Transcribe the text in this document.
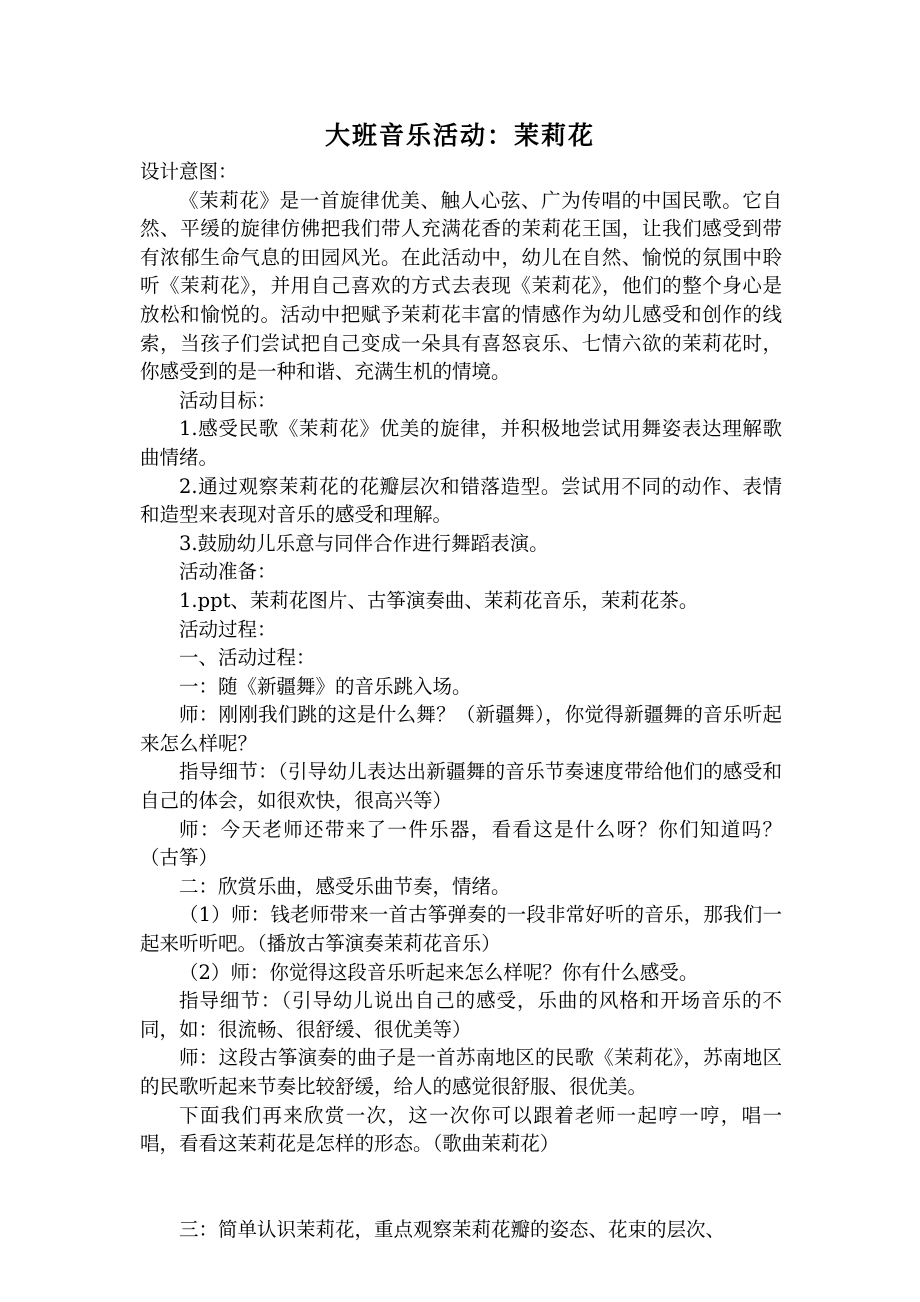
大班音乐活动：茉莉花

设计意图：

《茉莉花》是一首旋律优美、触人心弦、广为传唱的中国民歌。它自然、平缓的旋律仿佛把我们带人充满花香的茉莉花王国，让我们感受到带有浓郁生命气息的田园风光。在此活动中，幼儿在自然、愉悦的氛围中聆听《茉莉花》，并用自己喜欢的方式去表现《茉莉花》，他们的整个身心是放松和愉悦的。活动中把赋予茉莉花丰富的情感作为幼儿感受和创作的线索，当孩子们尝试把自己变成一朵具有喜怒哀乐、七情六欲的茉莉花时，你感受到的是一种和谐、充满生机的情境。

活动目标：

1.感受民歌《茉莉花》优美的旋律，并积极地尝试用舞姿表达理解歌曲情绪。

2.通过观察茉莉花的花瓣层次和错落造型。尝试用不同的动作、表情和造型来表现对音乐的感受和理解。

3.鼓励幼儿乐意与同伴合作进行舞蹈表演。

活动准备：

1.ppt、茉莉花图片、古筝演奏曲、茉莉花音乐，茉莉花茶。

活动过程：

一、活动过程：

一：随《新疆舞》的音乐跳入场。

师：刚刚我们跳的这是什么舞？（新疆舞），你觉得新疆舞的音乐听起来怎么样呢？

指导细节：（引导幼儿表达出新疆舞的音乐节奏速度带给他们的感受和自己的体会，如很欢快，很高兴等）

师：今天老师还带来了一件乐器，看看这是什么呀？你们知道吗？（古筝）

二：欣赏乐曲，感受乐曲节奏，情绪。

（1）师：钱老师带来一首古筝弹奏的一段非常好听的音乐，那我们一起来听听吧。（播放古筝演奏茉莉花音乐）

（2）师：你觉得这段音乐听起来怎么样呢？你有什么感受。

指导细节：（引导幼儿说出自己的感受，乐曲的风格和开场音乐的不同，如：很流畅、很舒缓、很优美等）

师：这段古筝演奏的曲子是一首苏南地区的民歌《茉莉花》，苏南地区的民歌听起来节奏比较舒缓，给人的感觉很舒服、很优美。

下面我们再来欣赏一次，这一次你可以跟着老师一起哼一哼，唱一唱，看看这茉莉花是怎样的形态。（歌曲茉莉花）

三：简单认识茉莉花，重点观察茉莉花瓣的姿态、花束的层次、
